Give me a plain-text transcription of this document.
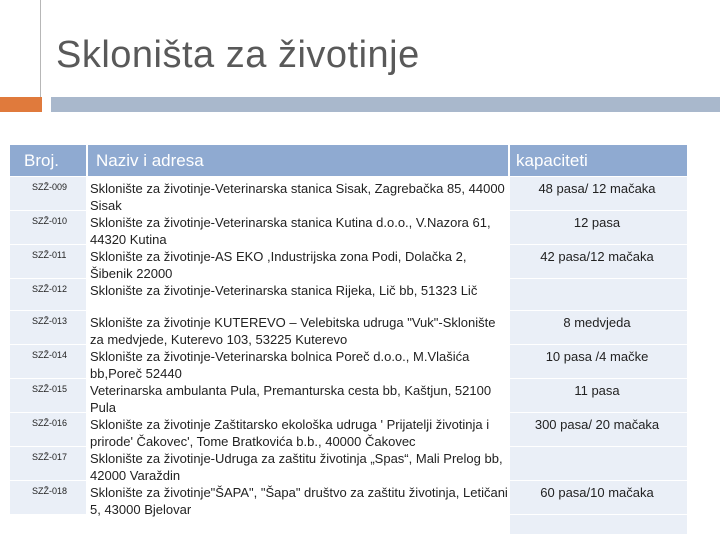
Skloništa za životinje
Broj. Naziv i adresa	kapaciteti
SZŽ-009
SZŽ-010
SZŽ-011
SZŽ-012
Sklonište za životinje-Veterinarska stanica Sisak, Zagrebačka 85, 44000 Sisak
Sklonište za životinje-Veterinarska stanica Kutina d.o.o., V.Nazora 61, 44320 Kutina
Sklonište za životinje-AS EKO ,Industrijska zona Podi, Dolačka 2, Šibenik 22000
Sklonište za životinje-Veterinarska stanica Rijeka, Lič bb, 51323 Lič
48 pasa/ 12 mačaka
12 pasa
42 pasa/12 mačaka
SZŽ-013
SZŽ-014
SZŽ-015
SZŽ-016
SZŽ-017
SZŽ-018
Sklonište za životinje KUTEREVO – Velebitska udruga "Vuk"-Sklonište za medvjede, Kuterevo 103, 53225 Kuterevo
Sklonište za životinje-Veterinarska bolnica Poreč d.o.o., M.Vlašića bb,Poreč 52440
Veterinarska ambulanta Pula, Premanturska cesta bb, Kaštjun, 52100 Pula
Sklonište za životinje Zaštitarsko ekološka udruga ' Prijatelji životinja i prirode' Čakovec', Tome Bratkovića b.b., 40000 Čakovec
Sklonište za životinje-Udruga za zaštitu životinja „Spas“, Mali Prelog bb, 42000 Varaždin
Sklonište za životinje"ŠAPA", "Šapa" društvo za zaštitu životinja, Letičani 5, 43000 Bjelovar
8 medvjeda
10 pasa /4 mačke
11 pasa
300 pasa/ 20 mačaka
60 pasa/10 mačaka
